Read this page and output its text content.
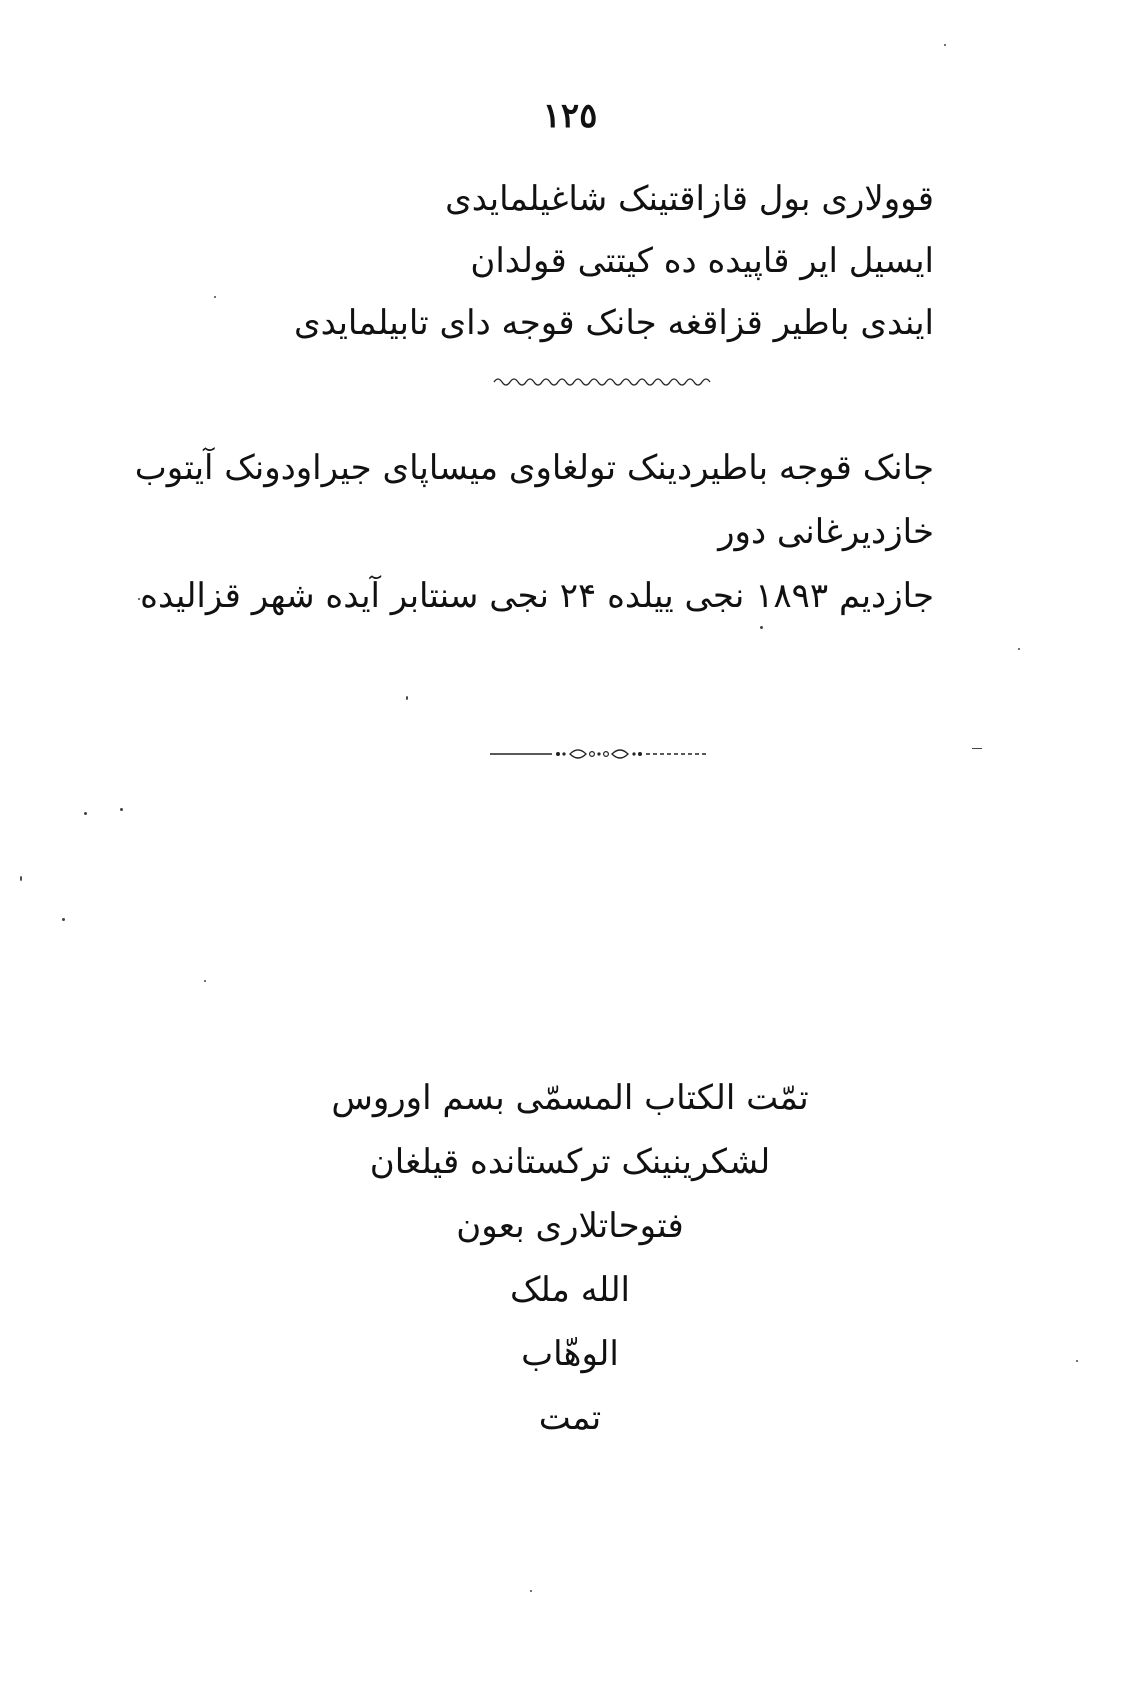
١٢٥
قوولاری بول قازاقتینک شاغیلمایدی
ایسیل ایر قاپیده ده کیتتی قولدان
ایندی باطیر قزاقغه جانک قوجه دای تابیلمایدی
جانک قوجه باطیردینک تولغاوی میساپای جیراودونک آیتوب
خازدیرغانی دور
جازدیم ۱۸۹۳ نجی ییلده ۲۴ نجی سنتابر آیده شهر قزالیده
تمّت الکتاب المسمّی بسم اوروس
لشکرینینک ترکستانده قیلغان
فتوحاتلاری بعون
الله ملک
الوهّاب
تمت
